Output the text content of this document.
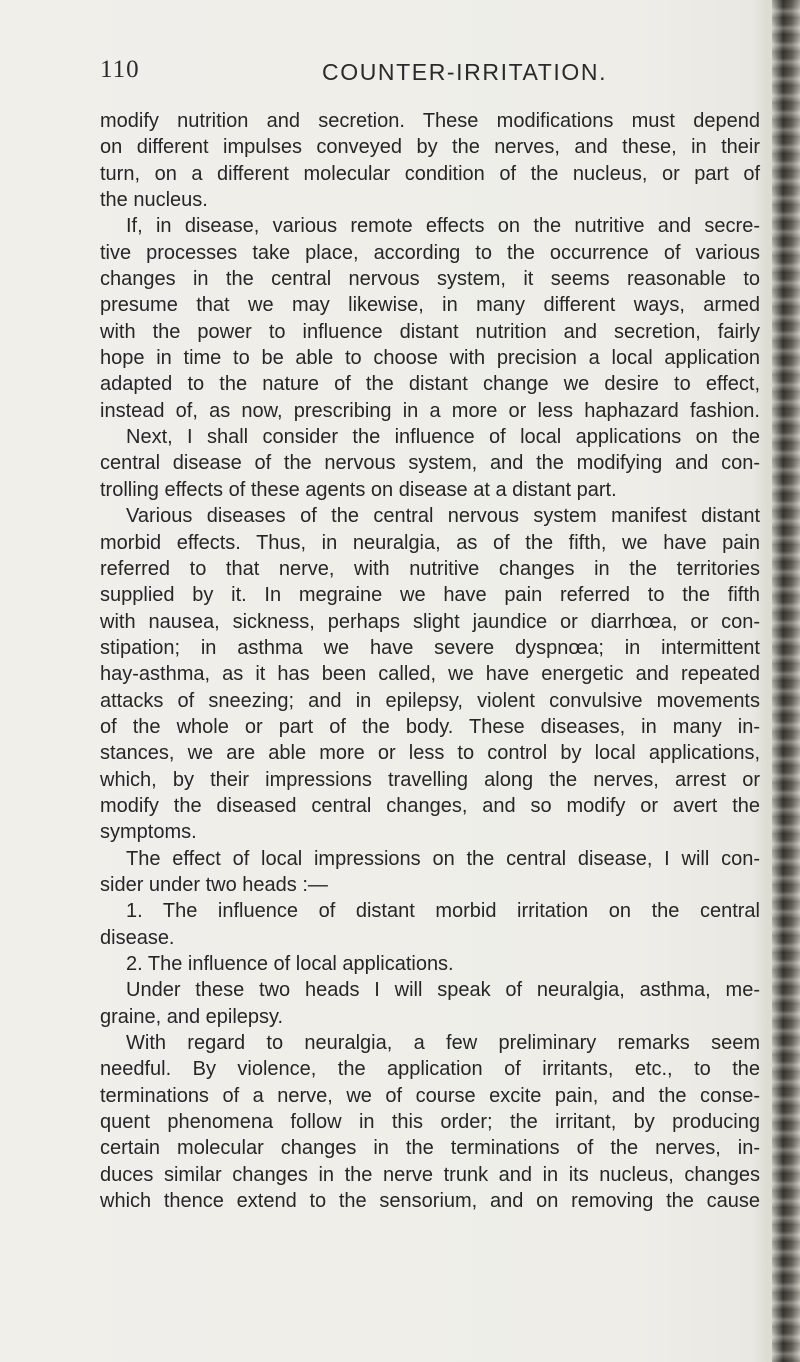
110	COUNTER-IRRITATION.
modify nutrition and secretion. These modifications must depend
on different impulses conveyed by the nerves, and these, in their
turn, on a different molecular condition of the nucleus, or part of
the nucleus.
If, in disease, various remote effects on the nutritive and secre-
tive processes take place, according to the occurrence of various
changes in the central nervous system, it seems reasonable to
presume that we may likewise, in many different ways, armed
with the power to influence distant nutrition and secretion, fairly
hope in time to be able to choose with precision a local application
adapted to the nature of the distant change we desire to effect,
instead of, as now, prescribing in a more or less haphazard fashion.
Next, I shall consider the influence of local applications on the
central disease of the nervous system, and the modifying and con-
trolling effects of these agents on disease at a distant part.
Various diseases of the central nervous system manifest distant
morbid effects. Thus, in neuralgia, as of the fifth, we have pain
referred to that nerve, with nutritive changes in the territories
supplied by it. In megraine we have pain referred to the fifth
with nausea, sickness, perhaps slight jaundice or diarrhœa, or con-
stipation; in asthma we have severe dyspnœa; in intermittent
hay-asthma, as it has been called, we have energetic and repeated
attacks of sneezing; and in epilepsy, violent convulsive movements
of the whole or part of the body. These diseases, in many in-
stances, we are able more or less to control by local applications,
which, by their impressions travelling along the nerves, arrest or
modify the diseased central changes, and so modify or avert the
symptoms.
The effect of local impressions on the central disease, I will con-
sider under two heads :—
1. The influence of distant morbid irritation on the central
disease.
2. The influence of local applications.
Under these two heads I will speak of neuralgia, asthma, me-
graine, and epilepsy.
With regard to neuralgia, a few preliminary remarks seem
needful. By violence, the application of irritants, etc., to the
terminations of a nerve, we of course excite pain, and the conse-
quent phenomena follow in this order; the irritant, by producing
certain molecular changes in the terminations of the nerves, in-
duces similar changes in the nerve trunk and in its nucleus, changes
which thence extend to the sensorium, and on removing the cause
